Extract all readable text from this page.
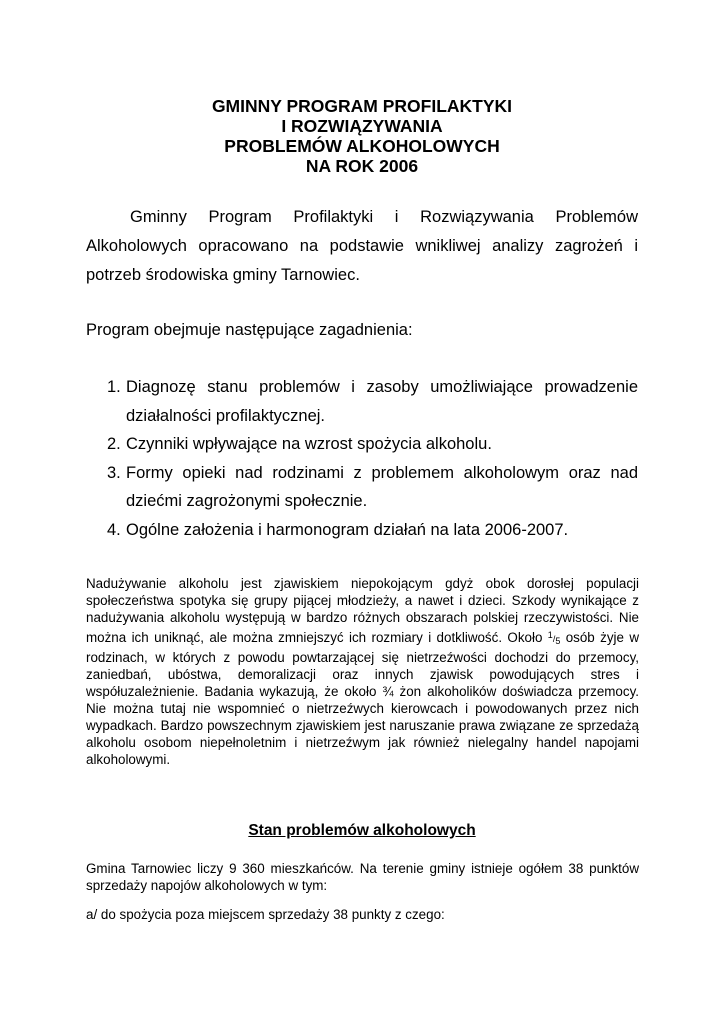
GMINNY PROGRAM PROFILAKTYKI
I ROZWIĄZYWANIA
PROBLEMÓW ALKOHOLOWYCH
NA ROK 2006

Gminny Program Profilaktyki i Rozwiązywania Problemów Alkoholowych opracowano na podstawie wnikliwej analizy zagrożeń i potrzeb środowiska gminy Tarnowiec.

Program obejmuje następujące zagadnienia:

1. Diagnozę stanu problemów i zasoby umożliwiające prowadzenie działalności profilaktycznej.
2. Czynniki wpływające na wzrost spożycia alkoholu.
3. Formy opieki nad rodzinami z problemem alkoholowym oraz nad dziećmi zagrożonymi społecznie.
4. Ogólne założenia i harmonogram działań na lata 2006-2007.

Nadużywanie alkoholu jest zjawiskiem niepokojącym gdyż obok dorosłej populacji społeczeństwa spotyka się grupy pijącej młodzieży, a nawet i dzieci. Szkody wynikające z nadużywania alkoholu występują w bardzo różnych obszarach polskiej rzeczywistości. Nie można ich uniknąć, ale można zmniejszyć ich rozmiary i dotkliwość. Około $^1/_5$ osób żyje w rodzinach, w których z powodu powtarzającej się nietrzeźwości dochodzi do przemocy, zaniedbań, ubóstwa, demoralizacji oraz innych zjawisk powodujących stres i współuzależnienie. Badania wykazują, że około ¾ żon alkoholików doświadcza przemocy. Nie można tutaj nie wspomnieć o nietrzeźwych kierowcach i powodowanych przez nich wypadkach. Bardzo powszechnym zjawiskiem jest naruszanie prawa związane ze sprzedażą alkoholu osobom niepełnoletnim i nietrzeźwym jak również nielegalny handel napojami alkoholowymi.

Stan problemów alkoholowych

Gmina Tarnowiec liczy 9 360 mieszkańców. Na terenie gminy istnieje ogółem 38 punktów sprzedaży napojów alkoholowych w tym:

a/ do spożycia poza miejscem sprzedaży 38 punkty z czego:
